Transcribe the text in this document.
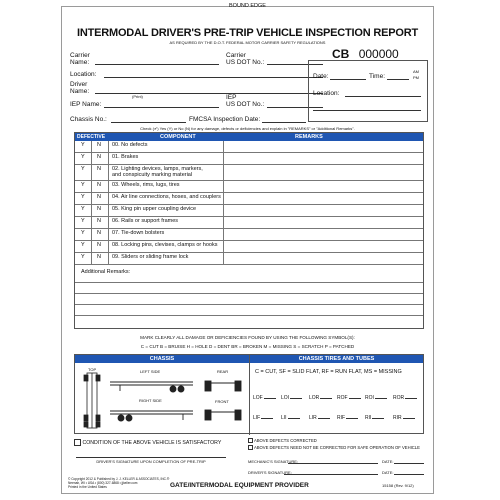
BOUND EDGE
INTERMODAL DRIVER'S PRE-TRIP VEHICLE INSPECTION REPORT
AS REQUIRED BY THE D.O.T. FEDERAL MOTOR CARRIER SAFETY REGULATIONS
Carrier
Name:
Carrier
US DOT No.:
Location:
Driver
Name:
(Print)
IEP Name:
IEP
US DOT No.:
CB 000000
Date:	Time:
AM
PM
Location:
Chassis No.:	FMCSA Inspection Date:
Check (✔) Yes (Y) or No (N) for any damage, defects or deficiencies and explain in "REMARKS" or "Additional Remarks".
DEFECTIVE	COMPONENT	REMARKS
Y N 00. No defects
Y N 01. Brakes
Y N 02. Lighting devices, lamps, markers,
and conspicuity marking material
Y N 03. Wheels, rims, lugs, tires
Y N 04. Air line connections, hoses, and couplers
Y N 05. King pin upper coupling device
Y N 06. Rails or support frames
Y N 07. Tie-down bolsters
Y N 08. Locking pins, clevises, clamps or hooks
Y N 09. Sliders or sliding frame lock
Additional Remarks:
MARK CLEARLY ALL DAMAGE OR DEFICIENCIES FOUND BY USING THE FOLLOWING SYMBOL(S):
C = CUT B = BRUISE H = HOLE D = DENT BR = BROKEN M = MISSING S = SCRATCH P = PATCHED
CHASSIS	CHASSIS TIRES AND TUBES
TOP	LEFT SIDE	REAR
RIGHT SIDE	FRONT
C = CUT, SF = SLID FLAT, RF = RUN FLAT, MS = MISSING
LOF	LOI	LOR	ROF	ROI	ROR
LIF	LII	LIR	RIF	RII	RIR
CONDITION OF THE ABOVE VEHICLE IS SATISFACTORY
DRIVER'S SIGNATURE UPON COMPLETION OF PRE-TRIP
ABOVE DEFECTS CORRECTED
ABOVE DEFECTS NEED NOT BE CORRECTED FOR SAFE OPERATION OF VEHICLE
MECHANIC'S SIGNATURE:	DATE:
DRIVER'S SIGNATURE:	DATE:
© Copyright 2012 & Published by J. J. KELLER & ASSOCIATES, INC.®
Neenah, WI • USA • (800) 327-6868 • jjkeller.com
Printed in the United States	GATE/INTERMODAL EQUIPMENT PROVIDER	15158 (Rev. 9/12)
